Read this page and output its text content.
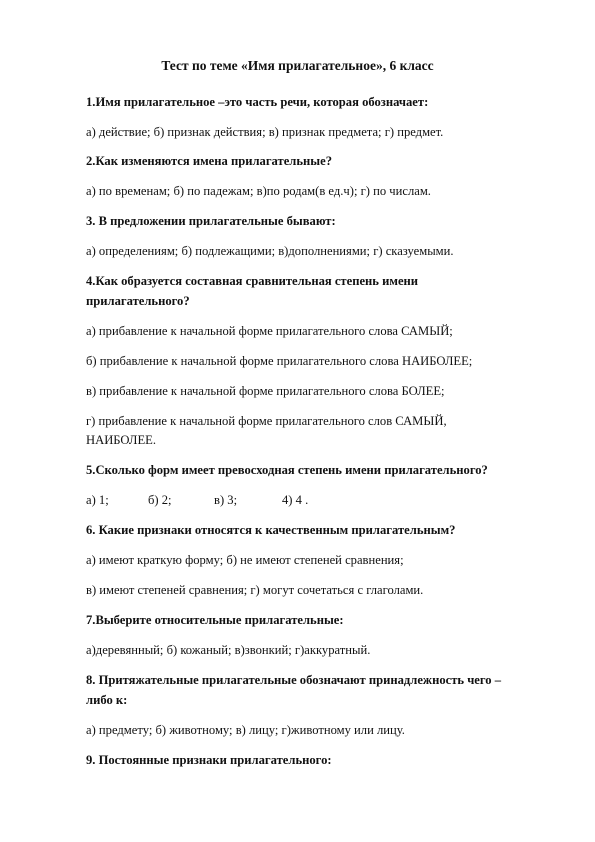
Тест по теме «Имя прилагательное», 6 класс
1.Имя прилагательное –это часть речи, которая обозначает:
а) действие; б) признак действия; в) признак предмета; г) предмет.
2.Как изменяются имена прилагательные?
а) по временам; б) по падежам; в)по родам(в ед.ч); г) по числам.
3. В предложении прилагательные бывают:
а) определениям; б) подлежащими; в)дополнениями; г) сказуемыми.
4.Как образуется составная сравнительная степень имени
прилагательного?
а) прибавление к начальной форме прилагательного слова САМЫЙ;
б) прибавление к начальной форме прилагательного слова НАИБОЛЕЕ;
в) прибавление к начальной форме прилагательного слова БОЛЕЕ;
г) прибавление к начальной форме прилагательного слов САМЫЙ,
НАИБОЛЕЕ.
5.Сколько форм имеет превосходная степень имени прилагательного?
а) 1;	б) 2;	в) 3;	4) 4 .
6. Какие признаки относятся к качественным прилагательным?
а) имеют краткую форму; б) не имеют степеней сравнения;
в) имеют степеней сравнения; г) могут сочетаться с глаголами.
7.Выберите относительные прилагательные:
а)деревянный; б) кожаный; в)звонкий; г)аккуратный.
8. Притяжательные прилагательные обозначают принадлежность чего –
либо к:
а) предмету; б) животному; в) лицу; г)животному или лицу.
9. Постоянные признаки прилагательного:
